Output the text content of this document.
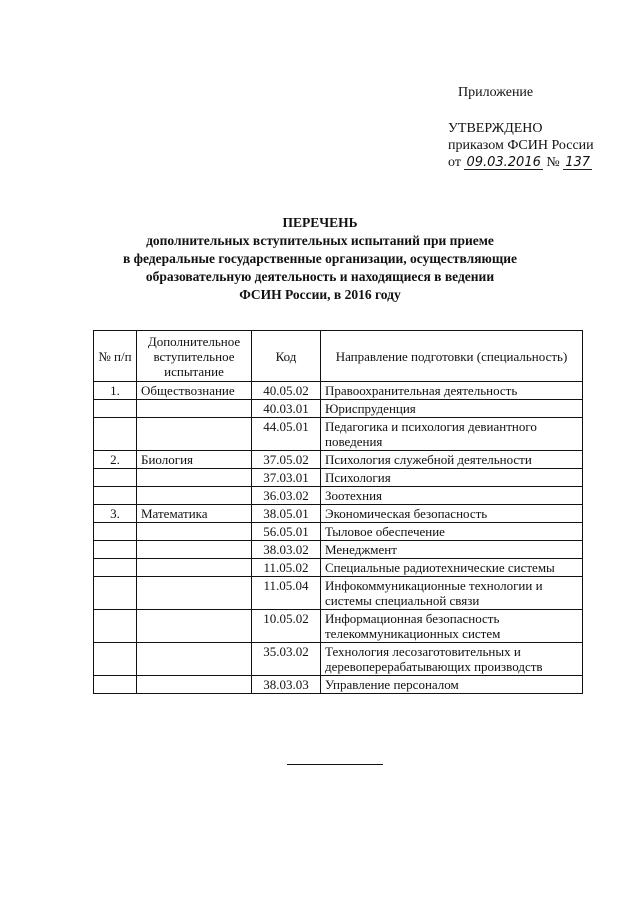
Приложение
УТВЕРЖДЕНО
приказом ФСИН России
от 09.03.2016 № 137
ПЕРЕЧЕНЬ
дополнительных вступительных испытаний при приеме
в федеральные государственные организации, осуществляющие
образовательную деятельность и находящиеся в ведении
ФСИН России, в 2016 году
№ п/п	Дополнительное вступительное испытание	Код	Направление подготовки (специальность)
1.	Обществознание	40.05.02	Правоохранительная деятельность
		40.03.01	Юриспруденция
		44.05.01	Педагогика и психология девиантного поведения
2.	Биология	37.05.02	Психология служебной деятельности
		37.03.01	Психология
		36.03.02	Зоотехния
3.	Математика	38.05.01	Экономическая безопасность
		56.05.01	Тыловое обеспечение
		38.03.02	Менеджмент
		11.05.02	Специальные радиотехнические системы
		11.05.04	Инфокоммуникационные технологии и системы специальной связи
		10.05.02	Информационная безопасность телекоммуникационных систем
		35.03.02	Технология лесозаготовительных и деревоперерабатывающих производств
		38.03.03	Управление персоналом
